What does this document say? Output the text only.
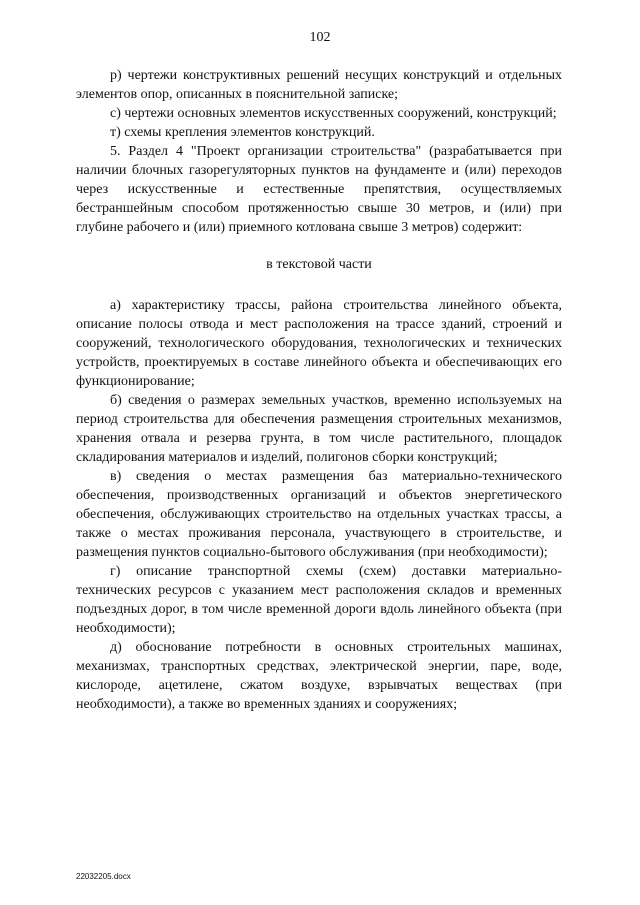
102

р) чертежи конструктивных решений несущих конструкций и отдельных элементов опор, описанных в пояснительной записке;

с) чертежи основных элементов искусственных сооружений, конструкций;

т) схемы крепления элементов конструкций.

5. Раздел 4 "Проект организации строительства" (разрабатывается при наличии блочных газорегуляторных пунктов на фундаменте и (или) переходов через искусственные и естественные препятствия, осуществляемых бестраншейным способом протяженностью свыше 30 метров, и (или) при глубине рабочего и (или) приемного котлована свыше 3 метров) содержит:

в текстовой части

а) характеристику трассы, района строительства линейного объекта, описание полосы отвода и мест расположения на трассе зданий, строений и сооружений, технологического оборудования, технологических и технических устройств, проектируемых в составе линейного объекта и обеспечивающих его функционирование;

б) сведения о размерах земельных участков, временно используемых на период строительства для обеспечения размещения строительных механизмов, хранения отвала и резерва грунта, в том числе растительного, площадок складирования материалов и изделий, полигонов сборки конструкций;

в) сведения о местах размещения баз материально-технического обеспечения, производственных организаций и объектов энергетического обеспечения, обслуживающих строительство на отдельных участках трассы, а также о местах проживания персонала, участвующего в строительстве, и размещения пунктов социально-бытового обслуживания (при необходимости);

г) описание транспортной схемы (схем) доставки материально-технических ресурсов с указанием мест расположения складов и временных подъездных дорог, в том числе временной дороги вдоль линейного объекта (при необходимости);

д) обоснование потребности в основных строительных машинах, механизмах, транспортных средствах, электрической энергии, паре, воде, кислороде, ацетилене, сжатом воздухе, взрывчатых веществах (при необходимости), а также во временных зданиях и сооружениях;

22032205.docx
